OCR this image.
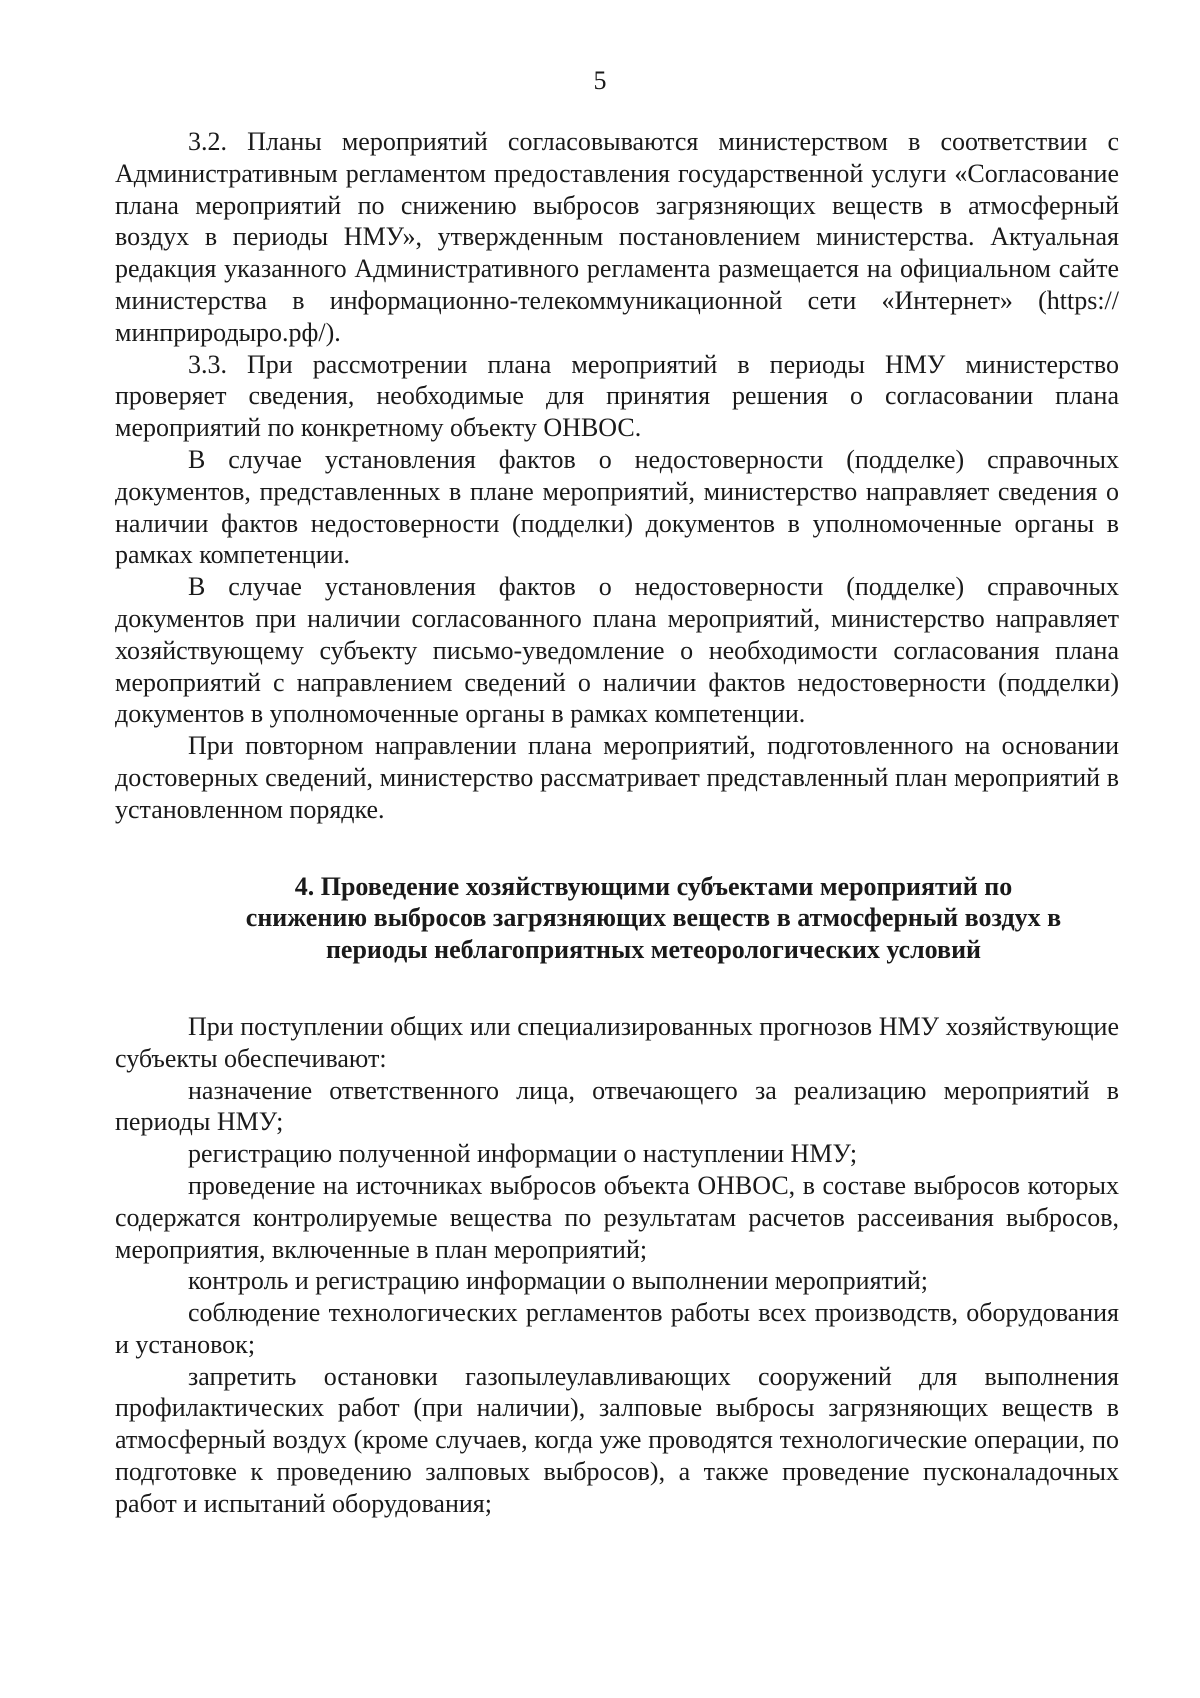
5

3.2. Планы мероприятий согласовываются министерством в соответствии с Административным регламентом предоставления государственной услуги «Согласование плана мероприятий по снижению выбросов загрязняющих веществ в атмосферный воздух в периоды НМУ», утвержденным постановлением министерства. Актуальная редакция указанного Административного регламента размещается на официальном сайте министерства в информационно-телекоммуникационной сети «Интернет» (https://минприродыро.рф/).

3.3. При рассмотрении плана мероприятий в периоды НМУ министерство проверяет сведения, необходимые для принятия решения о согласовании плана мероприятий по конкретному объекту ОНВОС.

В случае установления фактов о недостоверности (подделке) справочных документов, представленных в плане мероприятий, министерство направляет сведения о наличии фактов недостоверности (подделки) документов в уполномоченные органы в рамках компетенции.

В случае установления фактов о недостоверности (подделке) справочных документов при наличии согласованного плана мероприятий, министерство направляет хозяйствующему субъекту письмо-уведомление о необходимости согласования плана мероприятий с направлением сведений о наличии фактов недостоверности (подделки) документов в уполномоченные органы в рамках компетенции.

При повторном направлении плана мероприятий, подготовленного на основании достоверных сведений, министерство рассматривает представленный план мероприятий в установленном порядке.

4. Проведение хозяйствующими субъектами мероприятий по
снижению выбросов загрязняющих веществ в атмосферный воздух в
периоды неблагоприятных метеорологических условий

При поступлении общих или специализированных прогнозов НМУ хозяйствующие субъекты обеспечивают:

назначение ответственного лица, отвечающего за реализацию мероприятий в периоды НМУ;

регистрацию полученной информации о наступлении НМУ;

проведение на источниках выбросов объекта ОНВОС, в составе выбросов которых содержатся контролируемые вещества по результатам расчетов рассеивания выбросов, мероприятия, включенные в план мероприятий;

контроль и регистрацию информации о выполнении мероприятий;

соблюдение технологических регламентов работы всех производств, оборудования и установок;

запретить остановки газопылеулавливающих сооружений для выполнения профилактических работ (при наличии), залповые выбросы загрязняющих веществ в атмосферный воздух (кроме случаев, когда уже проводятся технологические операции, по подготовке к проведению залповых выбросов), а также проведение пусконаладочных работ и испытаний оборудования;
